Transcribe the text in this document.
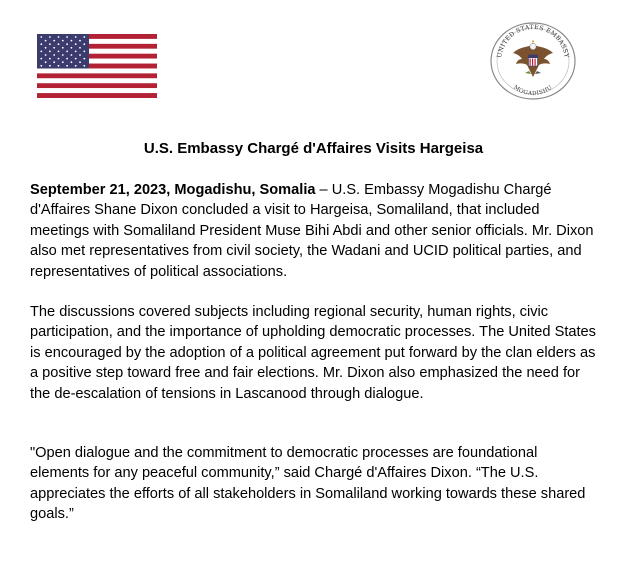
UNITED STATES EMBASSY
MOGADISHU
U.S. Embassy Chargé d'Affaires Visits Hargeisa

September 21, 2023, Mogadishu, Somalia – U.S. Embassy Mogadishu Chargé d'Affaires Shane Dixon concluded a visit to Hargeisa, Somaliland, that included meetings with Somaliland President Muse Bihi Abdi and other senior officials. Mr. Dixon also met representatives from civil society, the Wadani and UCID political parties, and representatives of political associations.

The discussions covered subjects including regional security, human rights, civic participation, and the importance of upholding democratic processes. The United States is encouraged by the adoption of a political agreement put forward by the clan elders as a positive step toward free and fair elections. Mr. Dixon also emphasized the need for the de-escalation of tensions in Lascanood through dialogue.

"Open dialogue and the commitment to democratic processes are foundational elements for any peaceful community,” said Chargé d'Affaires Dixon. “The U.S. appreciates the efforts of all stakeholders in Somaliland working towards these shared goals.”
